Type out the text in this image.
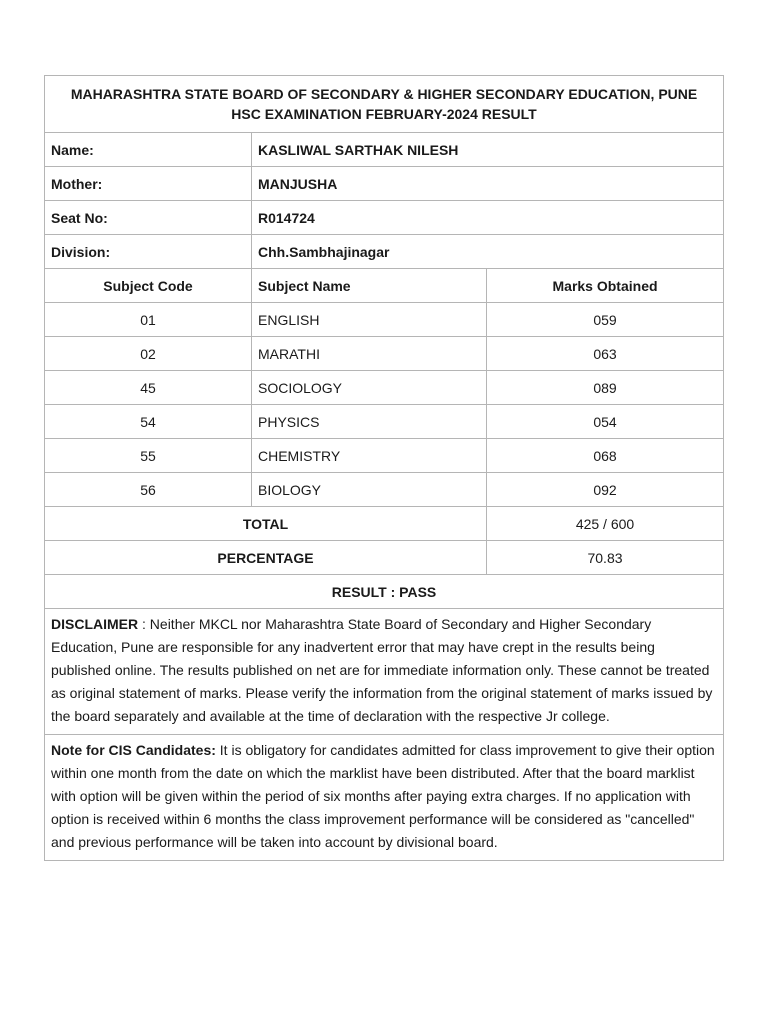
MAHARASHTRA STATE BOARD OF SECONDARY & HIGHER SECONDARY EDUCATION, PUNE
HSC EXAMINATION FEBRUARY-2024 RESULT		

Name:	KASLIWAL SARTHAK NILESH	
Mother:	MANJUSHA	
Seat No:	R014724	
Division:	Chh.Sambhajinagar	
Subject Code	Subject Name	Marks Obtained
01	ENGLISH	059
02	MARATHI	063
45	SOCIOLOGY	089
54	PHYSICS	054
55	CHEMISTRY	068
56	BIOLOGY	092
TOTAL		425 / 600
PERCENTAGE		70.83
RESULT : PASS		
DISCLAIMER : Neither MKCL nor Maharashtra State Board of Secondary and Higher Secondary Education, Pune are responsible for any inadvertent error that may have crept in the results being published online. The results published on net are for immediate information only. These cannot be treated as original statement of marks. Please verify the information from the original statement of marks issued by the board separately and available at the time of declaration with the respective Jr college.		
Note for CIS Candidates: It is obligatory for candidates admitted for class improvement to give their option within one month from the date on which the marklist have been distributed. After that the board marklist with option will be given within the period of six months after paying extra charges. If no application with option is received within 6 months the class improvement performance will be considered as "cancelled" and previous performance will be taken into account by divisional board.		
